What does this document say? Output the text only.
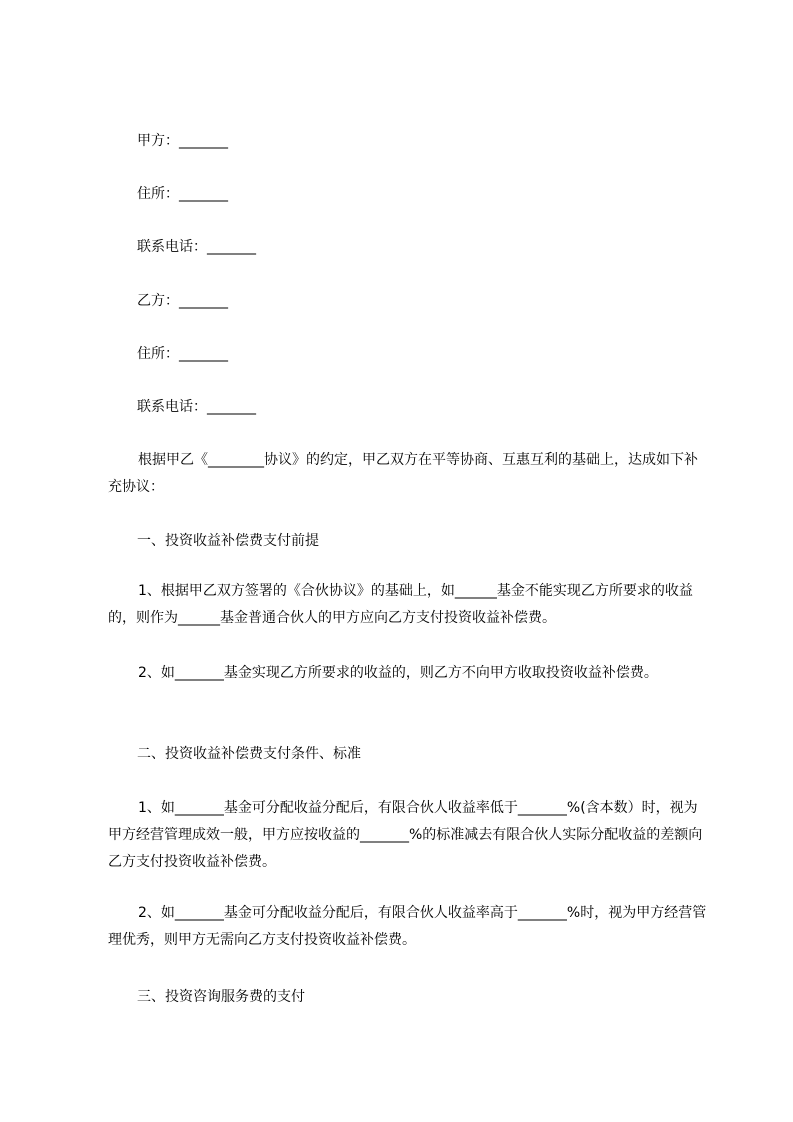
甲方：_______
住所：_______
联系电话：_______
乙方：_______
住所：_______
联系电话：_______
根据甲乙《________协议》的约定，甲乙双方在平等协商、互惠互利的基础上，达成如下补充协议：
一、投资收益补偿费支付前提
1、根据甲乙双方签署的《合伙协议》的基础上，如______基金不能实现乙方所要求的收益的，则作为______基金普通合伙人的甲方应向乙方支付投资收益补偿费。
2、如_______基金实现乙方所要求的收益的，则乙方不向甲方收取投资收益补偿费。
二、投资收益补偿费支付条件、标准
1、如_______基金可分配收益分配后，有限合伙人收益率低于_______%(含本数）时，视为甲方经营管理成效一般，甲方应按收益的_______%的标准减去有限合伙人实际分配收益的差额向乙方支付投资收益补偿费。
2、如_______基金可分配收益分配后，有限合伙人收益率高于_______%时，视为甲方经营管理优秀，则甲方无需向乙方支付投资收益补偿费。
三、投资咨询服务费的支付
